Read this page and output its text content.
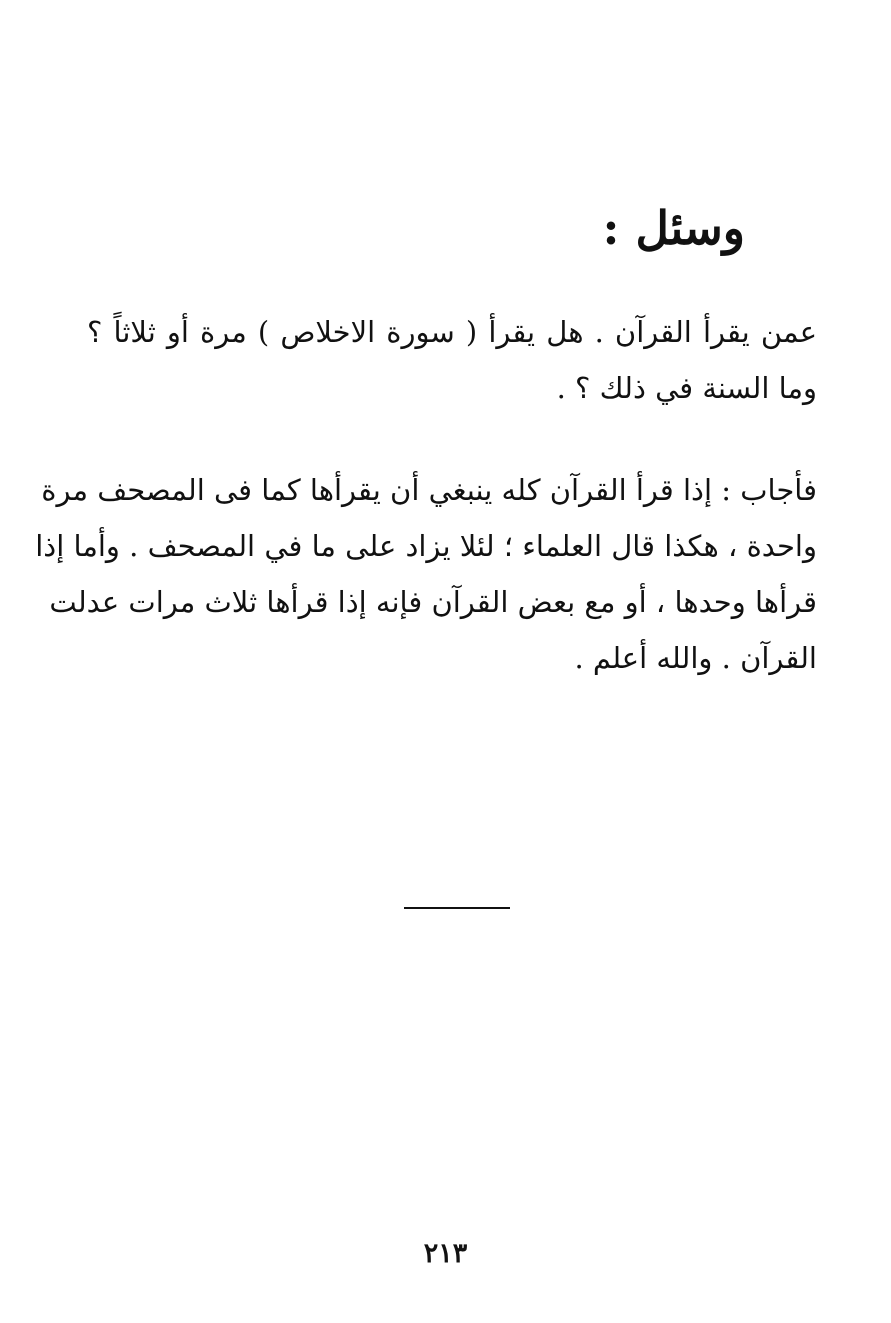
وسئل :
عمن يقرأ القرآن . هل يقرأ ( سورة الاخلاص ) مرة أو ثلاثاً ؟
وما السنة في ذلك ؟ .
فأجاب : إذا قرأ القرآن كله ينبغي أن يقرأها كما فى المصحف مرة
واحدة ، هكذا قال العلماء ؛ لئلا يزاد على ما في المصحف . وأما إذا
قرأها وحدها ، أو مع بعض القرآن فإنه إذا قرأها ثلاث مرات عدلت
القرآن . والله أعلم .
٢١٣
